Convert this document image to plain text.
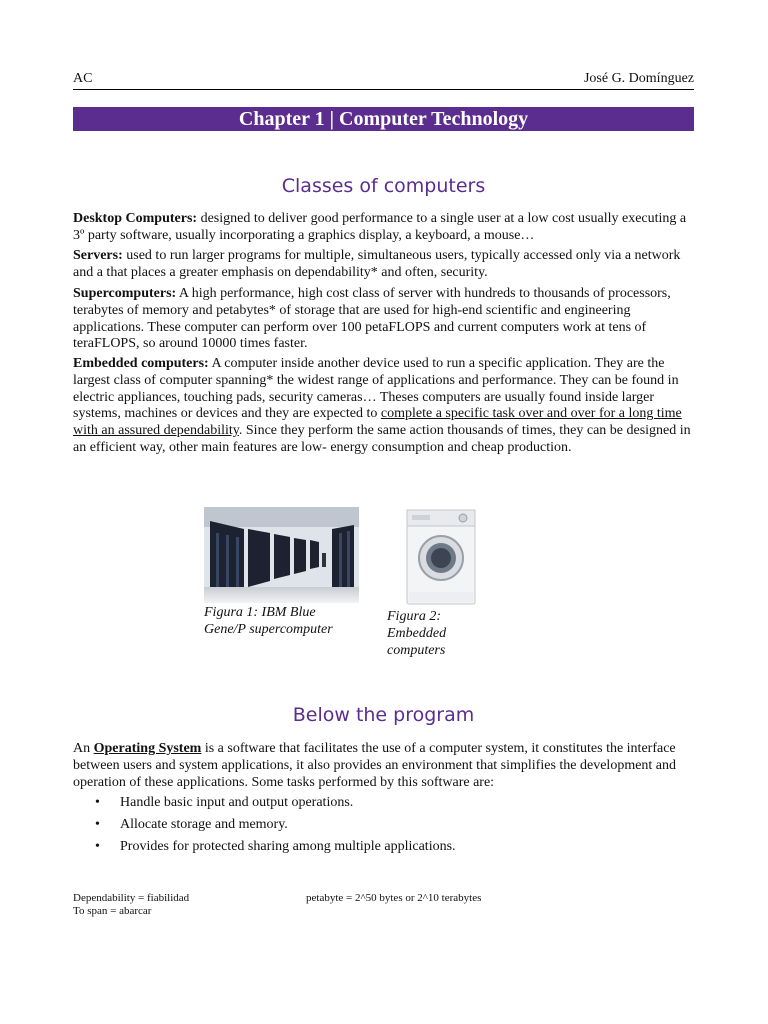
AC	José G. Domínguez
Chapter 1 | Computer Technology
Classes of computers

Desktop Computers: designed to deliver good performance to a single user at a low cost usually executing a 3º party software, usually incorporating a graphics display, a keyboard, a mouse…

Servers: used to run larger programs for multiple, simultaneous users, typically accessed only via a network and a that places a greater emphasis on dependability* and often, security.

Supercomputers: A high performance, high cost class of server with hundreds to thousands of processors, terabytes of memory and petabytes* of storage that are used for high-end scientific and engineering applications. These computer can perform over 100 petaFLOPS and current computers work at tens of teraFLOPS, so around 10000 times faster.

Embedded computers: A computer inside another device used to run a specific application. They are the largest class of computer spanning* the widest range of applications and performance. They can be found in electric appliances, touching pads, security cameras… Theses computers are usually found inside larger systems, machines or devices and they are expected to complete a specific task over and over for a long time with an assured dependability. Since they perform the same action thousands of times, they can be designed in an efficient way, other main features are low- energy consumption and cheap production.

Figura 1: IBM Blue Gene/P supercomputer
Figura 2: Embedded computers
Below the program

An Operating System is a software that facilitates the use of a computer system, it constitutes the interface between users and system applications, it also provides an environment that simplifies the development and operation of these applications. Some tasks performed by this software are:

• Handle basic input and output operations.
• Allocate storage and memory.
• Provides for protected sharing among multiple applications.
Dependability = fiabilidad
To span = abarcar
petabyte = 2^50 bytes or 2^10 terabytes
